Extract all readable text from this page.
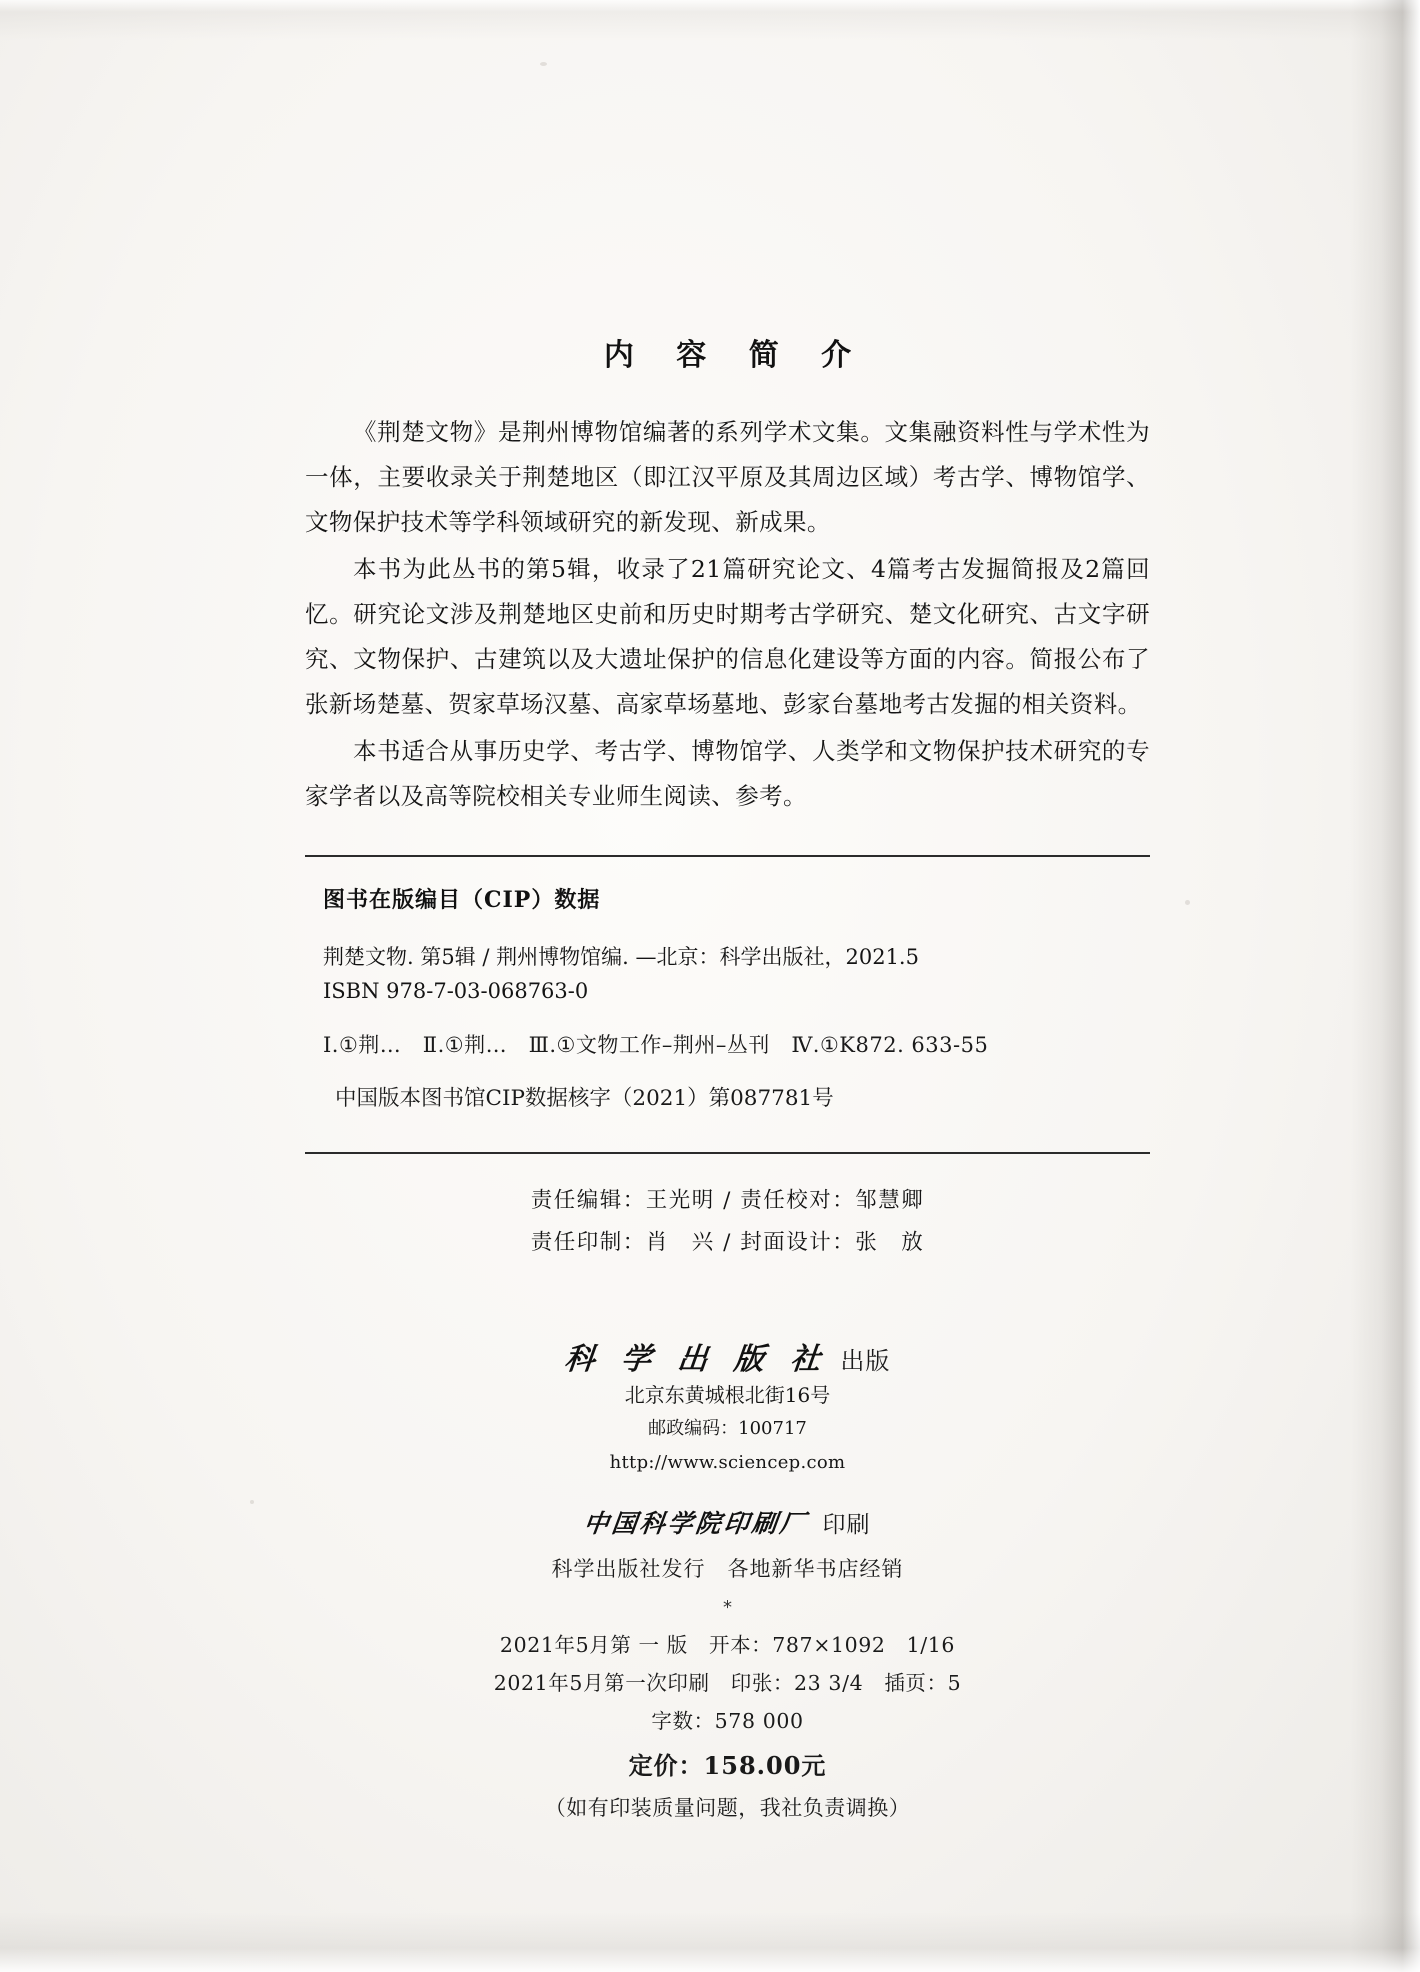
内 容 简 介

《荆楚文物》是荆州博物馆编著的系列学术文集。文集融资料性与学术性为一体，主要收录关于荆楚地区（即江汉平原及其周边区域）考古学、博物馆学、文物保护技术等学科领域研究的新发现、新成果。

本书为此丛书的第5辑，收录了21篇研究论文、4篇考古发掘简报及2篇回忆。研究论文涉及荆楚地区史前和历史时期考古学研究、楚文化研究、古文字研究、文物保护、古建筑以及大遗址保护的信息化建设等方面的内容。简报公布了张新场楚墓、贺家草场汉墓、高家草场墓地、彭家台墓地考古发掘的相关资料。

本书适合从事历史学、考古学、博物馆学、人类学和文物保护技术研究的专家学者以及高等院校相关专业师生阅读、参考。

图书在版编目（CIP）数据
荆楚文物. 第5辑 / 荆州博物馆编. —北京：科学出版社，2021.5
ISBN 978-7-03-068763-0
Ⅰ.①荆…　Ⅱ.①荆…　Ⅲ.①文物工作–荆州–丛刊　Ⅳ.①K872. 633-55
中国版本图书馆CIP数据核字（2021）第087781号
责任编辑：王光明 / 责任校对：邹慧卿
责任印制：肖　兴 / 封面设计：张　放
科 学 出 版 社 出版
北京东黄城根北街16号
邮政编码：100717
http://www.sciencep.com
中国科学院印刷厂 印刷
科学出版社发行　各地新华书店经销
*
2021年5月第 一 版　开本：787×1092　1/16
2021年5月第一次印刷　印张：23 3/4　插页：5
字数：578 000
定价：158.00元
（如有印装质量问题，我社负责调换）
